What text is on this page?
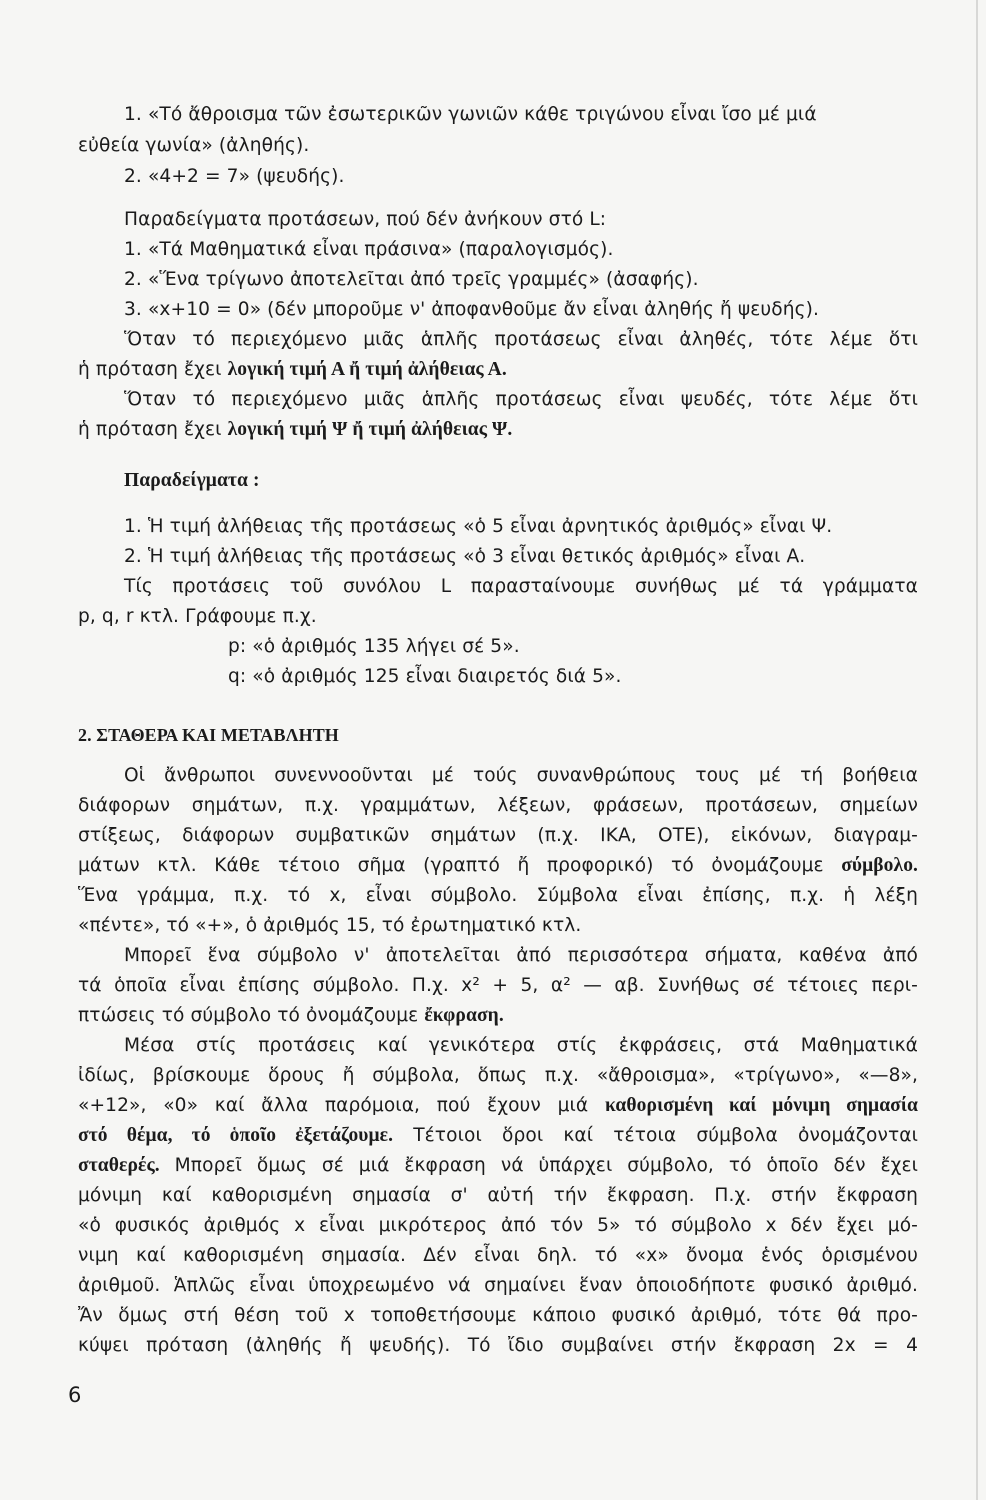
1. «Τό ἄθροισμα τῶν ἐσωτερικῶν γωνιῶν κάθε τριγώνου εἶναι ἴσο μέ μιά
εὐθεία γωνία» (ἀληθής).
2. «4+2 = 7» (ψευδής).
Παραδείγματα προτάσεων, πού δέν ἀνήκουν στό L:
1. «Τά Μαθηματικά εἶναι πράσινα» (παραλογισμός).
2. «Ἕνα τρίγωνο ἀποτελεῖται ἀπό τρεῖς γραμμές» (ἀσαφής).
3. «x+10 = 0» (δέν μποροῦμε ν' ἀποφανθοῦμε ἄν εἶναι ἀληθής ἤ ψευδής).
Ὅταν τό περιεχόμενο μιᾶς ἁπλῆς προτάσεως εἶναι ἀληθές, τότε λέμε ὅτι
ἡ πρόταση ἔχει λογική τιμή Α ἤ τιμή ἀλήθειας Α.
Ὅταν τό περιεχόμενο μιᾶς ἁπλῆς προτάσεως εἶναι ψευδές, τότε λέμε ὅτι
ἡ πρόταση ἔχει λογική τιμή Ψ ἤ τιμή ἀλήθειας Ψ.
Παραδείγματα :
1. Ἡ τιμή ἀλήθειας τῆς προτάσεως «ὁ 5 εἶναι ἀρνητικός ἀριθμός» εἶναι Ψ.
2. Ἡ τιμή ἀλήθειας τῆς προτάσεως «ὁ 3 εἶναι θετικός ἀριθμός» εἶναι Α.
Τίς προτάσεις τοῦ συνόλου L παρασταίνουμε συνήθως μέ τά γράμματα
p, q, r κτλ. Γράφουμε π.χ.
p: «ὁ ἀριθμός 135 λήγει σέ 5».
q: «ὁ ἀριθμός 125 εἶναι διαιρετός διά 5».
2. ΣΤΑΘΕΡΑ ΚΑΙ ΜΕΤΑΒΛΗΤΗ
Οἱ ἄνθρωποι συνεννοοῦνται μέ τούς συνανθρώπους τους μέ τή βοήθεια
διάφορων σημάτων, π.χ. γραμμάτων, λέξεων, φράσεων, προτάσεων, σημείων
στίξεως, διάφορων συμβατικῶν σημάτων (π.χ. ΙΚΑ, ΟΤΕ), εἰκόνων, διαγραμ-
μάτων κτλ. Κάθε τέτοιο σῆμα (γραπτό ἤ προφορικό) τό ὀνομάζουμε σύμβολο.
Ἕνα γράμμα, π.χ. τό x, εἶναι σύμβολο. Σύμβολα εἶναι ἐπίσης, π.χ. ἡ λέξη
«πέντε», τό «+», ὁ ἀριθμός 15, τό ἐρωτηματικό κτλ.
Μπορεῖ ἕνα σύμβολο ν' ἀποτελεῖται ἀπό περισσότερα σήματα, καθένα ἀπό
τά ὁποῖα εἶναι ἐπίσης σύμβολο. Π.χ. x² + 5, α² — αβ. Συνήθως σέ τέτοιες περι-
πτώσεις τό σύμβολο τό ὀνομάζουμε ἔκφραση.
Μέσα στίς προτάσεις καί γενικότερα στίς ἐκφράσεις, στά Μαθηματικά
ἰδίως, βρίσκουμε ὅρους ἤ σύμβολα, ὅπως π.χ. «ἄθροισμα», «τρίγωνο», «—8»,
«+12», «0» καί ἄλλα παρόμοια, πού ἔχουν μιά καθορισμένη καί μόνιμη σημασία
στό θέμα, τό ὁποῖο ἐξετάζουμε. Τέτοιοι ὅροι καί τέτοια σύμβολα ὀνομάζονται
σταθερές. Μπορεῖ ὅμως σέ μιά ἔκφραση νά ὑπάρχει σύμβολο, τό ὁποῖο δέν ἔχει
μόνιμη καί καθορισμένη σημασία σ' αὐτή τήν ἔκφραση. Π.χ. στήν ἔκφραση
«ὁ φυσικός ἀριθμός x εἶναι μικρότερος ἀπό τόν 5» τό σύμβολο x δέν ἔχει μό-
νιμη καί καθορισμένη σημασία. Δέν εἶναι δηλ. τό «x» ὄνομα ἑνός ὁρισμένου
ἀριθμοῦ. Ἁπλῶς εἶναι ὑποχρεωμένο νά σημαίνει ἕναν ὁποιοδήποτε φυσικό ἀριθμό.
Ἄν ὅμως στή θέση τοῦ x τοποθετήσουμε κάποιο φυσικό ἀριθμό, τότε θά προ-
κύψει πρόταση (ἀληθής ἤ ψευδής). Τό ἴδιο συμβαίνει στήν ἔκφραση 2x = 4
6
